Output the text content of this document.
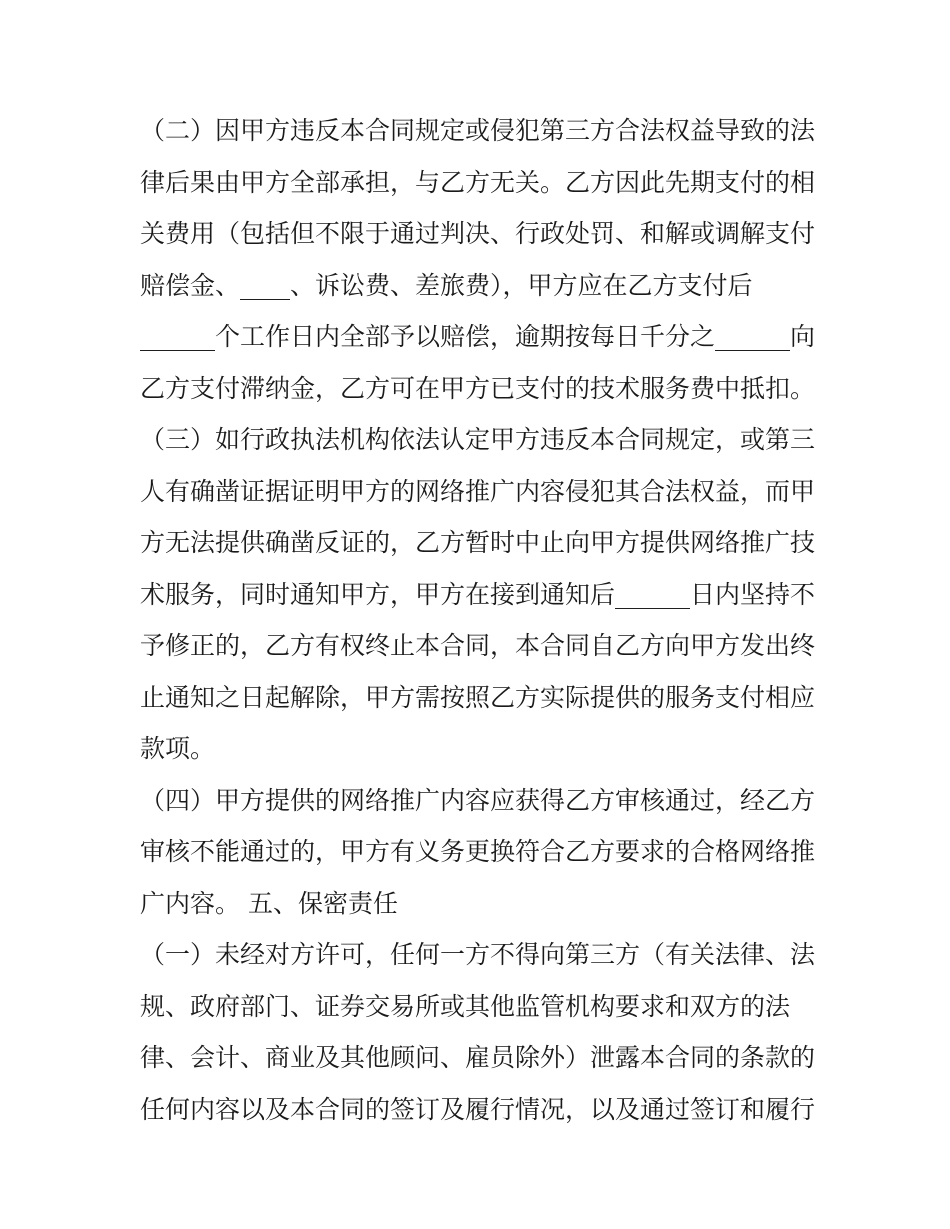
（二）因甲方违反本合同规定或侵犯第三方合法权益导致的法
律后果由甲方全部承担，与乙方无关。乙方因此先期支付的相
关费用（包括但不限于通过判决、行政处罚、和解或调解支付
赔偿金、____、诉讼费、差旅费），甲方应在乙方支付后
______个工作日内全部予以赔偿，逾期按每日千分之______向
乙方支付滞纳金，乙方可在甲方已支付的技术服务费中抵扣。
（三）如行政执法机构依法认定甲方违反本合同规定，或第三
人有确凿证据证明甲方的网络推广内容侵犯其合法权益，而甲
方无法提供确凿反证的，乙方暂时中止向甲方提供网络推广技
术服务，同时通知甲方，甲方在接到通知后______日内坚持不
予修正的，乙方有权终止本合同，本合同自乙方向甲方发出终
止通知之日起解除，甲方需按照乙方实际提供的服务支付相应
款项。
（四）甲方提供的网络推广内容应获得乙方审核通过，经乙方
审核不能通过的，甲方有义务更换符合乙方要求的合格网络推
广内容。 五、保密责任
（一）未经对方许可，任何一方不得向第三方（有关法律、法
规、政府部门、证券交易所或其他监管机构要求和双方的法
律、会计、商业及其他顾问、雇员除外）泄露本合同的条款的
任何内容以及本合同的签订及履行情况，以及通过签订和履行
